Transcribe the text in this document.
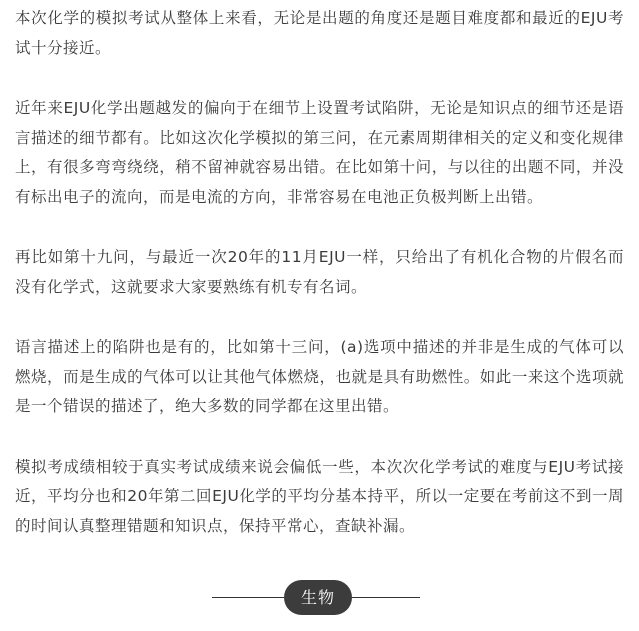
本次化学的模拟考试从整体上来看，无论是出题的角度还是题目难度都和最近的EJU考试十分接近。

近年来EJU化学出题越发的偏向于在细节上设置考试陷阱，无论是知识点的细节还是语言描述的细节都有。比如这次化学模拟的第三问，在元素周期律相关的定义和变化规律上，有很多弯弯绕绕，稍不留神就容易出错。在比如第十问，与以往的出题不同，并没有标出电子的流向，而是电流的方向，非常容易在电池正负极判断上出错。

再比如第十九问，与最近一次20年的11月EJU一样，只给出了有机化合物的片假名而没有化学式，这就要求大家要熟练有机专有名词。

语言描述上的陷阱也是有的，比如第十三问，(a)选项中描述的并非是生成的气体可以燃烧，而是生成的气体可以让其他气体燃烧，也就是具有助燃性。如此一来这个选项就是一个错误的描述了，绝大多数的同学都在这里出错。

模拟考成绩相较于真实考试成绩来说会偏低一些，本次次化学考试的难度与EJU考试接近，平均分也和20年第二回EJU化学的平均分基本持平，所以一定要在考前这不到一周的时间认真整理错题和知识点，保持平常心，查缺补漏。

生物
